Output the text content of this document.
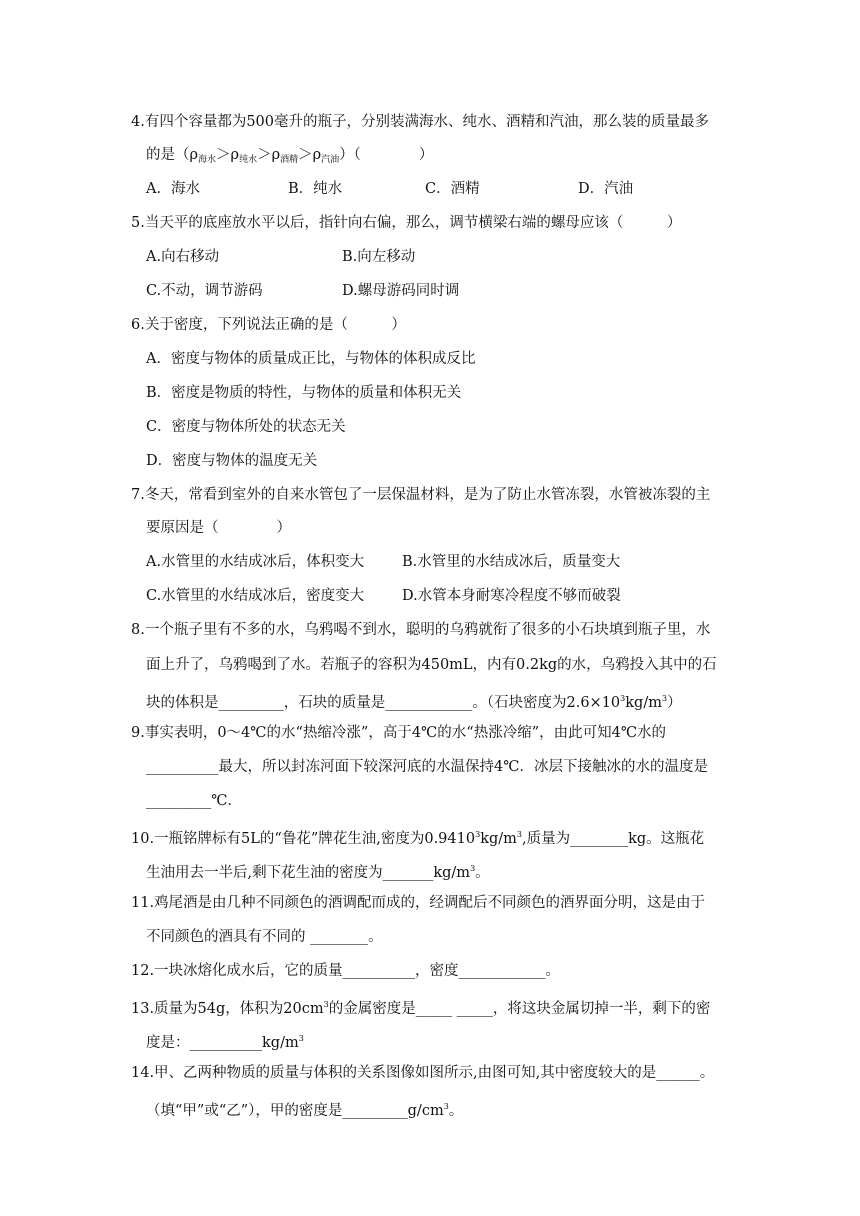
4.有四个容量都为500毫升的瓶子，分别装满海水、纯水、酒精和汽油，那么装的质量最多
的是$(\rho_{海水}>\rho_{纯水}>\rho_{酒精}>\rho_{汽油})$（　　　　）
A．海水	B．纯水	C．酒精	D．汽油
5.当天平的底座放水平以后，指针向右偏，那么，调节横梁右端的螺母应该（　　　）
A.向右移动	B.向左移动
C.不动，调节游码	D.螺母游码同时调
6.关于密度，下列说法正确的是（　　　）
A．密度与物体的质量成正比，与物体的体积成反比
B．密度是物质的特性，与物体的质量和体积无关
C．密度与物体所处的状态无关
D．密度与物体的温度无关
7.冬天，常看到室外的自来水管包了一层保温材料，是为了防止水管冻裂，水管被冻裂的主
要原因是（　　　　）
A.水管里的水结成冰后，体积变大	B.水管里的水结成冰后，质量变大
C.水管里的水结成冰后，密度变大	D.水管本身耐寒冷程度不够而破裂
8.一个瓶子里有不多的水，乌鸦喝不到水，聪明的乌鸦就衔了很多的小石块填到瓶子里，水
面上升了，乌鸦喝到了水。若瓶子的容积为450mL，内有0.2kg的水，乌鸦投入其中的石
块的体积是_________，石块的质量是____________。（石块密度为$2.6\times 10^3kg/m^3$）
9.事实表明，0～4℃的水“热缩冷涨”，高于4℃的水“热涨冷缩”，由此可知4℃水的
__________最大，所以封冻河面下较深河底的水温保持4℃．冰层下接触冰的水的温度是
_________℃．
10.一瓶铭牌标有5L的“鲁花”牌花生油,密度为$0.9410^3kg/m^3$,质量为________kg。这瓶花
生油用去一半后,剩下花生油的密度为$\_\_\_\_\_\_\_kg/m^3$。
11.鸡尾酒是由几种不同颜色的酒调配而成的，经调配后不同颜色的酒界面分明，这是由于
不同颜色的酒具有不同的 ________。
12.一块冰熔化成水后，它的质量__________，密度____________。
13.质量为54g，体积为$20cm^3$的金属密度是_____ _____，将这块金属切掉一半，剩下的密
度是：$\_\_\_\_\_\_\_\_\_\_kg/m^3$
14.甲、乙两种物质的质量与体积的关系图像如图所示,由图可知,其中密度较大的是______。
（填“甲”或“乙”），甲的密度是$\_\_\_\_\_\_\_\_\_g/cm^3$。
